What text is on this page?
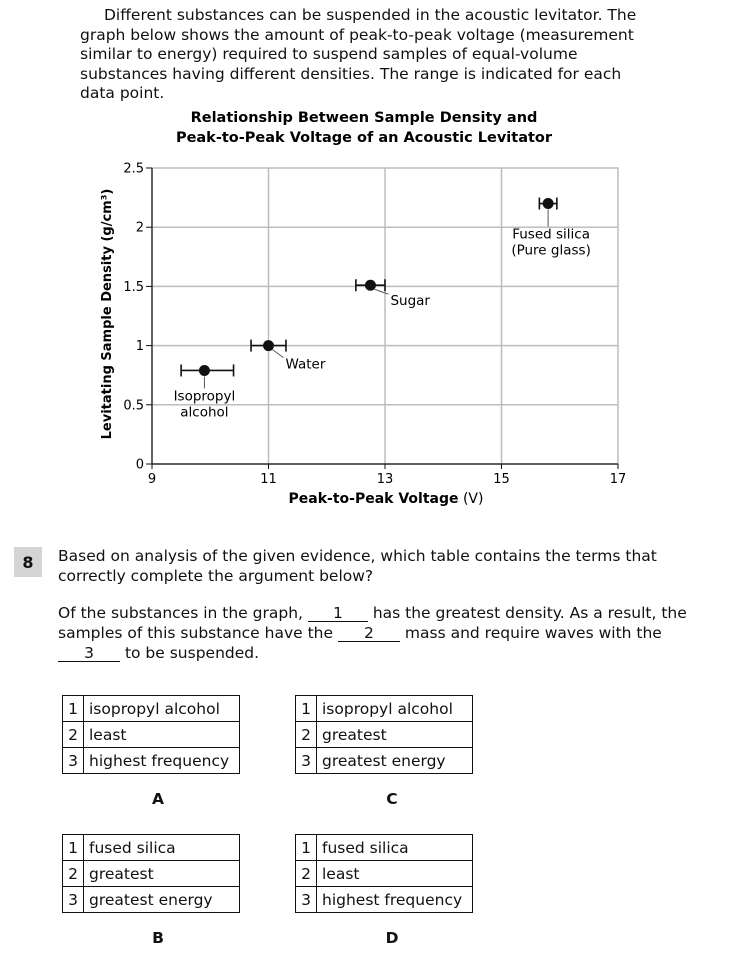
Different substances can be suspended in the acoustic levitator. The graph below shows the amount of peak-to-peak voltage (measurement similar to energy) required to suspend samples of equal-volume substances having different densities. The range is indicated for each data point.

Relationship Between Sample Density and
Peak-to-Peak Voltage of an Acoustic Levitator
9	11	13	15	17
0
0.5
1
1.5
2
2.5
Isopropyl
alcohol
Water
Sugar
Fused silica
(Pure glass)
Peak-to-Peak Voltage (V)
Levitating Sample Density (g/cm³)
8	Based on analysis of the given evidence, which table contains the terms that correctly complete the argument below?

Of the substances in the graph, 1 has the greatest density. As a result, the samples of this substance have the 2 mass and require waves with the 3 to be suspended.

1	isopropyl alcohol
2	least
3	highest frequency
A
1	isopropyl alcohol
2	greatest
3	greatest energy
C
1	fused silica
2	greatest
3	greatest energy
B
1	fused silica
2	least
3	highest frequency
D
